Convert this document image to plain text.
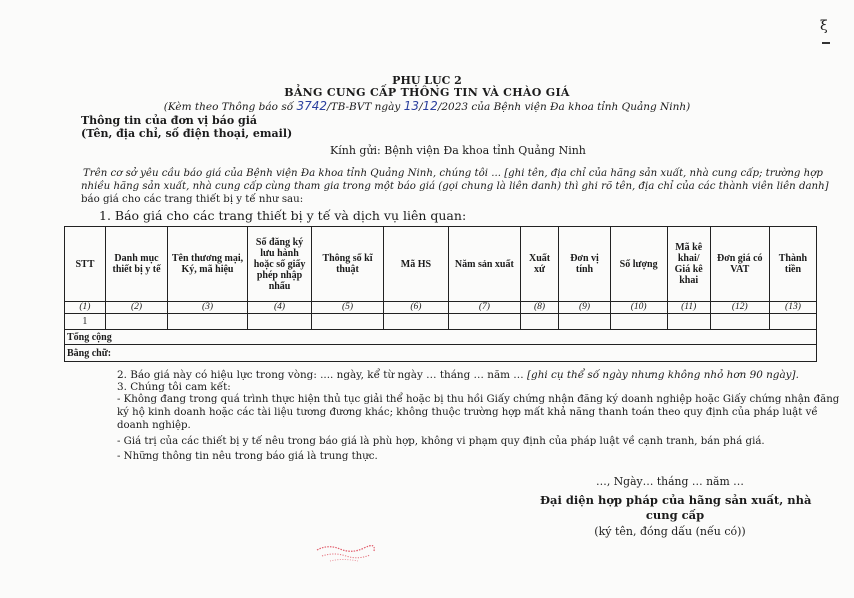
ξ
PHỤ LỤC 2
BẢNG CUNG CẤP THÔNG TIN VÀ CHÀO GIÁ
(Kèm theo Thông báo số 3742/TB-BVT ngày 13/12/2023 của Bệnh viện Đa khoa tỉnh Quảng Ninh)
Thông tin của đơn vị báo giá
(Tên, địa chỉ, số điện thoại, email)
Kính gửi: Bệnh viện Đa khoa tỉnh Quảng Ninh
Trên cơ sở yêu cầu báo giá của Bệnh viện Đa khoa tỉnh Quảng Ninh, chúng tôi ... [ghi tên, địa chỉ của hãng sản xuất, nhà cung cấp; trường hợp
nhiều hãng sản xuất, nhà cung cấp cùng tham gia trong một báo giá (gọi chung là liên danh) thì ghi rõ tên, địa chỉ của các thành viên liên danh]
báo giá cho các trang thiết bị y tế như sau:
1. Báo giá cho các trang thiết bị y tế và dịch vụ liên quan:
STT	Danh mục thiết bị y tế	Tên thương mại, Ký, mã hiệu	Số đăng ký lưu hành hoặc số giấy phép nhập nhẩu	Thông số kĩ thuật	Mã HS	Năm sản xuất	Xuất xứ	Đơn vị tính	Số lượng	Mã kê khai/ Giá kê khai	Đơn giá có VAT	Thành tiền
(1)	(2)	(3)	(4)	(5)	(6)	(7)	(8)	(9)	(10)	(11)	(12)	(13)
1												
Tổng cộng												
Bằng chữ:												
2. Báo giá này có hiệu lực trong vòng: .... ngày, kể từ ngày … tháng … năm … [ghi cụ thể số ngày nhưng không nhỏ hơn 90 ngày].
3. Chúng tôi cam kết:
- Không đang trong quá trình thực hiện thủ tục giải thể hoặc bị thu hồi Giấy chứng nhận đăng ký doanh nghiệp hoặc Giấy chứng nhận đăng
ký hộ kinh doanh hoặc các tài liệu tương đương khác; không thuộc trường hợp mất khả năng thanh toán theo quy định của pháp luật về
doanh nghiệp.
- Giá trị của các thiết bị y tế nêu trong báo giá là phù hợp, không vi phạm quy định của pháp luật về cạnh tranh, bán phá giá.
- Những thông tin nêu trong báo giá là trung thực.
…, Ngày… tháng … năm …
Đại diện hợp pháp của hãng sản xuất, nhà
cung cấp
(ký tên, đóng dấu (nếu có))
